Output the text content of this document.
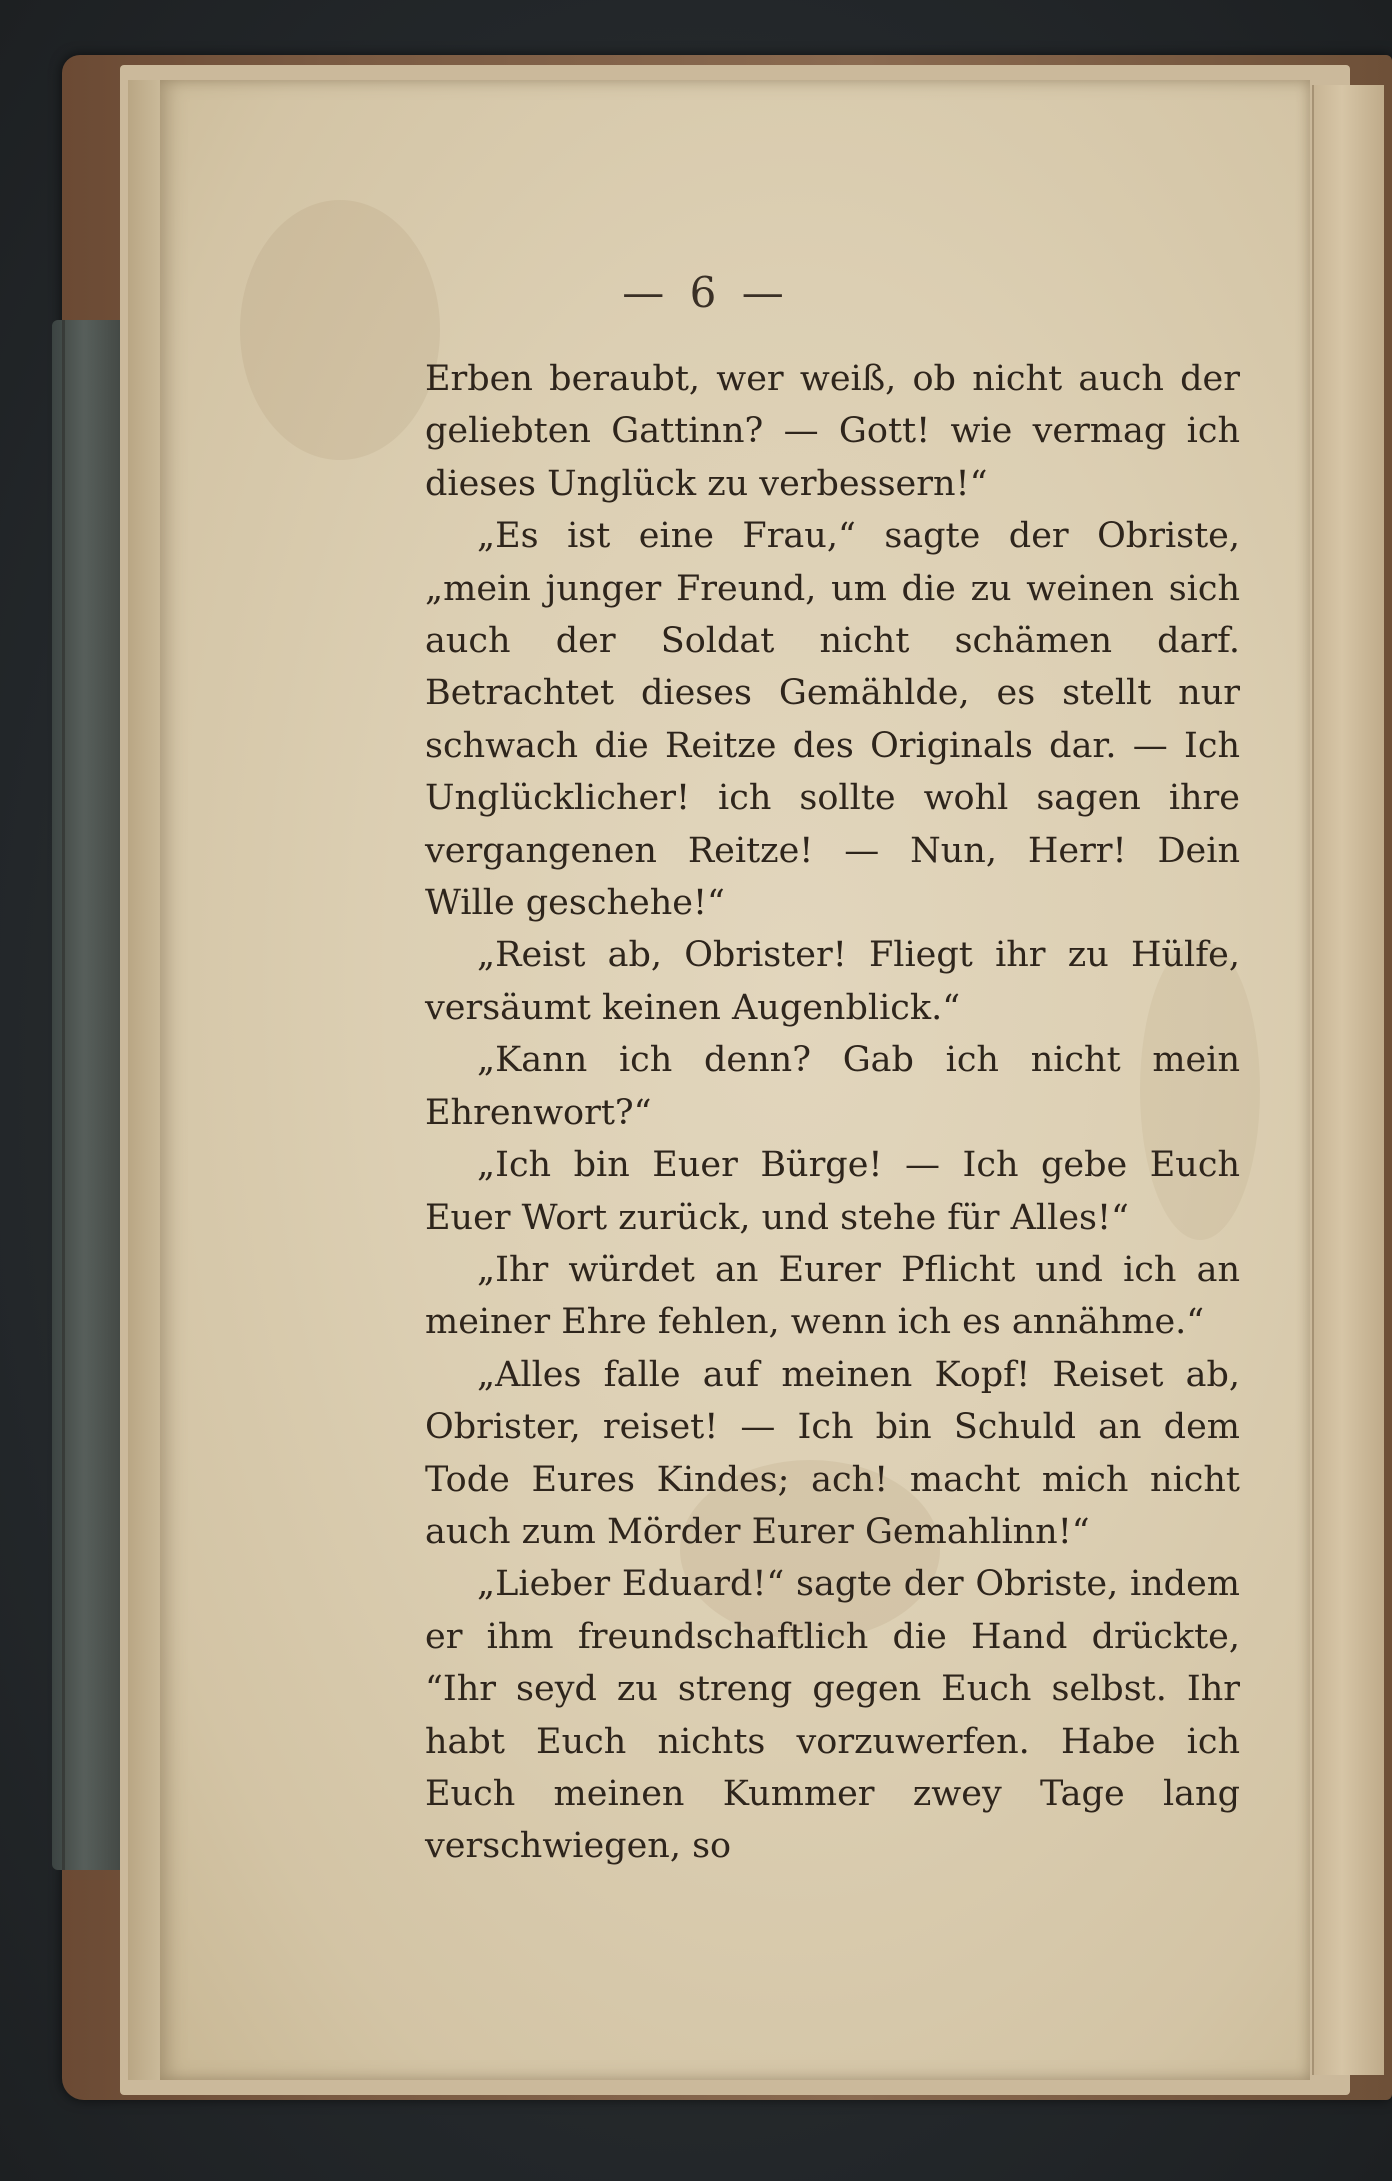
— 6 —

Erben beraubt, wer weiß, ob nicht auch der geliebten Gattinn? — Gott! wie vermag ich dieses Unglück zu verbessern!“

„Es ist eine Frau,“ sagte der Obriste, „mein junger Freund, um die zu weinen sich auch der Soldat nicht schämen darf. Betrachtet dieses Gemählde, es stellt nur schwach die Reitze des Originals dar. — Ich Unglücklicher! ich sollte wohl sagen ihre vergangenen Reitze! — Nun, Herr! Dein Wille geschehe!“

„Reist ab, Obrister! Fliegt ihr zu Hülfe, versäumt keinen Augenblick.“

„Kann ich denn? Gab ich nicht mein Ehrenwort?“

„Ich bin Euer Bürge! — Ich gebe Euch Euer Wort zurück, und stehe für Alles!“

„Ihr würdet an Eurer Pflicht und ich an meiner Ehre fehlen, wenn ich es annähme.“

„Alles falle auf meinen Kopf! Reiset ab, Obrister, reiset! — Ich bin Schuld an dem Tode Eures Kindes; ach! macht mich nicht auch zum Mörder Eurer Gemahlinn!“

„Lieber Eduard!“ sagte der Obriste, indem er ihm freundschaftlich die Hand drückte, “Ihr seyd zu streng gegen Euch selbst. Ihr habt Euch nichts vorzuwerfen. Habe ich Euch meinen Kummer zwey Tage lang verschwiegen, so
